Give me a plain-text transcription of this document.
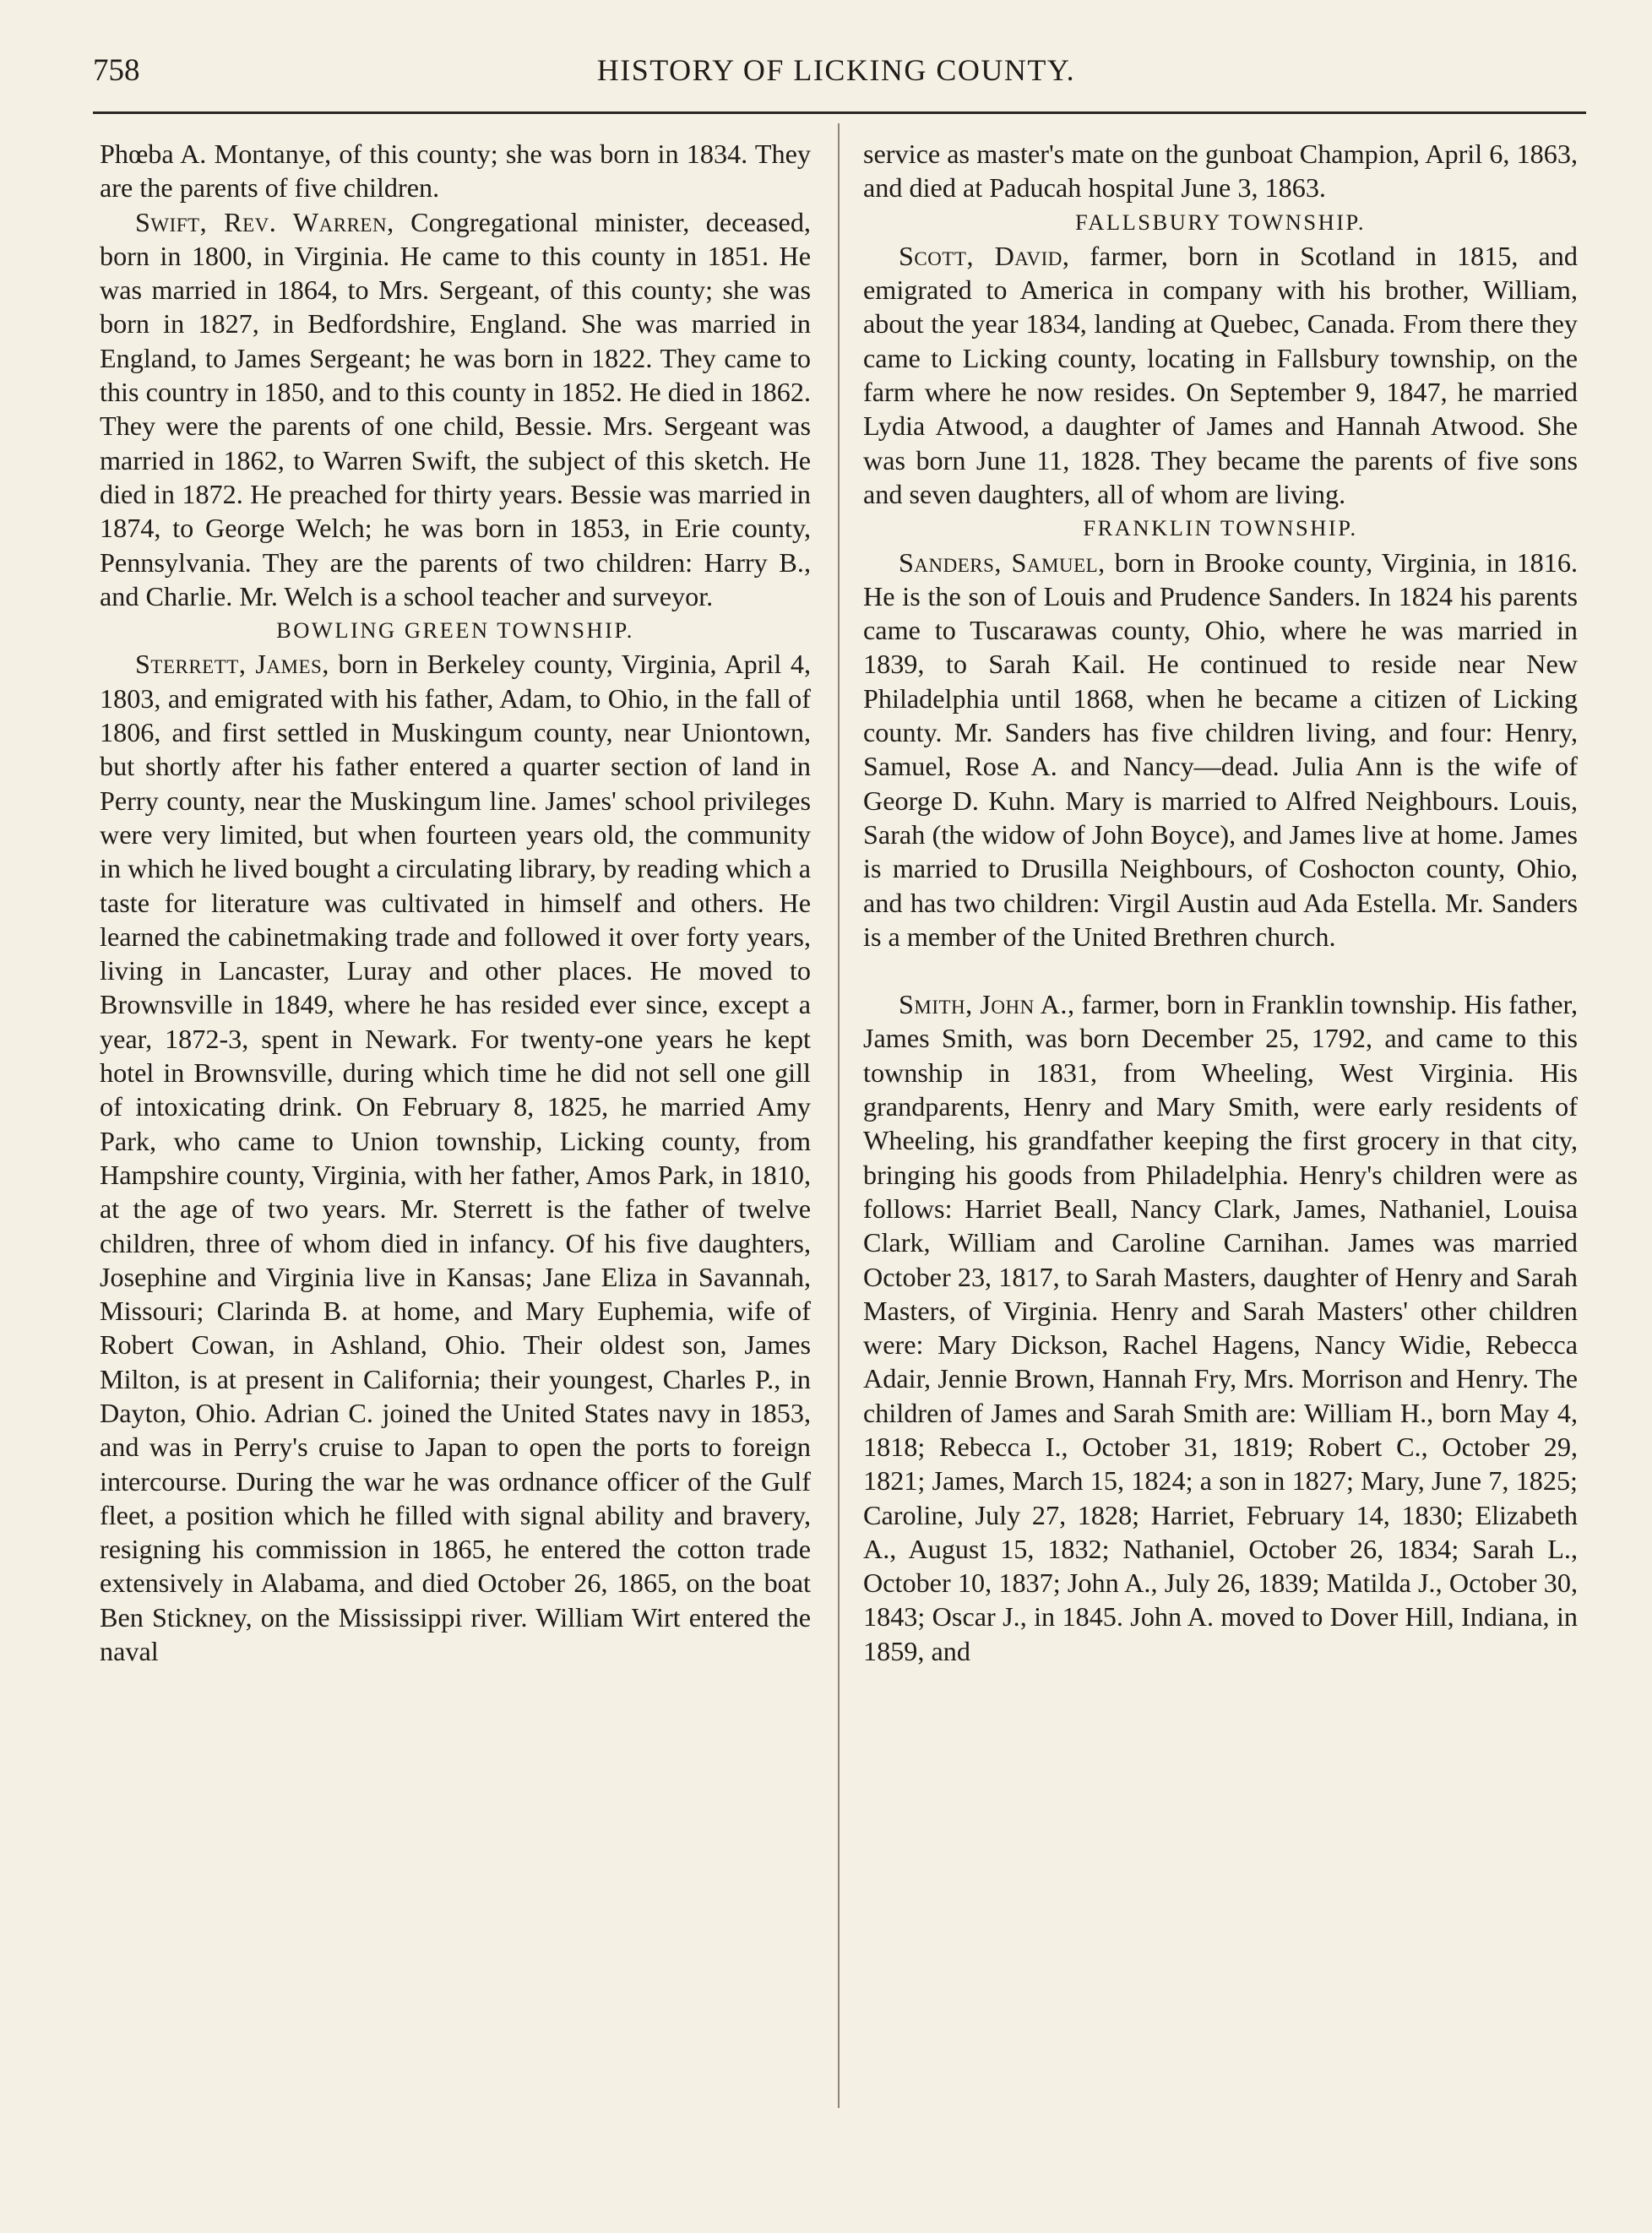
758	HISTORY OF LICKING COUNTY.

Phœba A. Montanye, of this county; she was born in 1834. They are the parents of five children.

Swift, Rev. Warren, Congregational minister, deceased, born in 1800, in Virginia. He came to this county in 1851. He was married in 1864, to Mrs. Sergeant, of this county; she was born in 1827, in Bedfordshire, England. She was married in England, to James Sergeant; he was born in 1822. They came to this country in 1850, and to this county in 1852. He died in 1862. They were the parents of one child, Bessie. Mrs. Sergeant was married in 1862, to Warren Swift, the subject of this sketch. He died in 1872. He preached for thirty years. Bessie was married in 1874, to George Welch; he was born in 1853, in Erie county, Pennsylvania. They are the parents of two children: Harry B., and Charlie. Mr. Welch is a school teacher and surveyor.

BOWLING GREEN TOWNSHIP.

Sterrett, James, born in Berkeley county, Virginia, April 4, 1803, and emigrated with his father, Adam, to Ohio, in the fall of 1806, and first settled in Muskingum county, near Uniontown, but shortly after his father entered a quarter section of land in Perry county, near the Muskingum line. James' school privileges were very limited, but when fourteen years old, the community in which he lived bought a circulating library, by reading which a taste for literature was cultivated in himself and others. He learned the cabinetmaking trade and followed it over forty years, living in Lancaster, Luray and other places. He moved to Brownsville in 1849, where he has resided ever since, except a year, 1872-3, spent in Newark. For twenty-one years he kept hotel in Brownsville, during which time he did not sell one gill of intoxicating drink. On February 8, 1825, he married Amy Park, who came to Union township, Licking county, from Hampshire county, Virginia, with her father, Amos Park, in 1810, at the age of two years. Mr. Sterrett is the father of twelve children, three of whom died in infancy. Of his five daughters, Josephine and Virginia live in Kansas; Jane Eliza in Savannah, Missouri; Clarinda B. at home, and Mary Euphemia, wife of Robert Cowan, in Ashland, Ohio. Their oldest son, James Milton, is at present in California; their youngest, Charles P., in Dayton, Ohio. Adrian C. joined the United States navy in 1853, and was in Perry's cruise to Japan to open the ports to foreign intercourse. During the war he was ordnance officer of the Gulf fleet, a position which he filled with signal ability and bravery, resigning his commission in 1865, he entered the cotton trade extensively in Alabama, and died October 26, 1865, on the boat Ben Stickney, on the Mississippi river. William Wirt entered the naval

service as master's mate on the gunboat Champion, April 6, 1863, and died at Paducah hospital June 3, 1863.

FALLSBURY TOWNSHIP.

Scott, David, farmer, born in Scotland in 1815, and emigrated to America in company with his brother, William, about the year 1834, landing at Quebec, Canada. From there they came to Licking county, locating in Fallsbury township, on the farm where he now resides. On September 9, 1847, he married Lydia Atwood, a daughter of James and Hannah Atwood. She was born June 11, 1828. They became the parents of five sons and seven daughters, all of whom are living.

FRANKLIN TOWNSHIP.

Sanders, Samuel, born in Brooke county, Virginia, in 1816. He is the son of Louis and Prudence Sanders. In 1824 his parents came to Tuscarawas county, Ohio, where he was married in 1839, to Sarah Kail. He continued to reside near New Philadelphia until 1868, when he became a citizen of Licking county. Mr. Sanders has five children living, and four: Henry, Samuel, Rose A. and Nancy—dead. Julia Ann is the wife of George D. Kuhn. Mary is married to Alfred Neighbours. Louis, Sarah (the widow of John Boyce), and James live at home. James is married to Drusilla Neighbours, of Coshocton county, Ohio, and has two children: Virgil Austin aud Ada Estella. Mr. Sanders is a member of the United Brethren church.

Smith, John A., farmer, born in Franklin township. His father, James Smith, was born December 25, 1792, and came to this township in 1831, from Wheeling, West Virginia. His grandparents, Henry and Mary Smith, were early residents of Wheeling, his grandfather keeping the first grocery in that city, bringing his goods from Philadelphia. Henry's children were as follows: Harriet Beall, Nancy Clark, James, Nathaniel, Louisa Clark, William and Caroline Carnihan. James was married October 23, 1817, to Sarah Masters, daughter of Henry and Sarah Masters, of Virginia. Henry and Sarah Masters' other children were: Mary Dickson, Rachel Hagens, Nancy Widie, Rebecca Adair, Jennie Brown, Hannah Fry, Mrs. Morrison and Henry. The children of James and Sarah Smith are: William H., born May 4, 1818; Rebecca I., October 31, 1819; Robert C., October 29, 1821; James, March 15, 1824; a son in 1827; Mary, June 7, 1825; Caroline, July 27, 1828; Harriet, February 14, 1830; Elizabeth A., August 15, 1832; Nathaniel, October 26, 1834; Sarah L., October 10, 1837; John A., July 26, 1839; Matilda J., October 30, 1843; Oscar J., in 1845. John A. moved to Dover Hill, Indiana, in 1859, and
